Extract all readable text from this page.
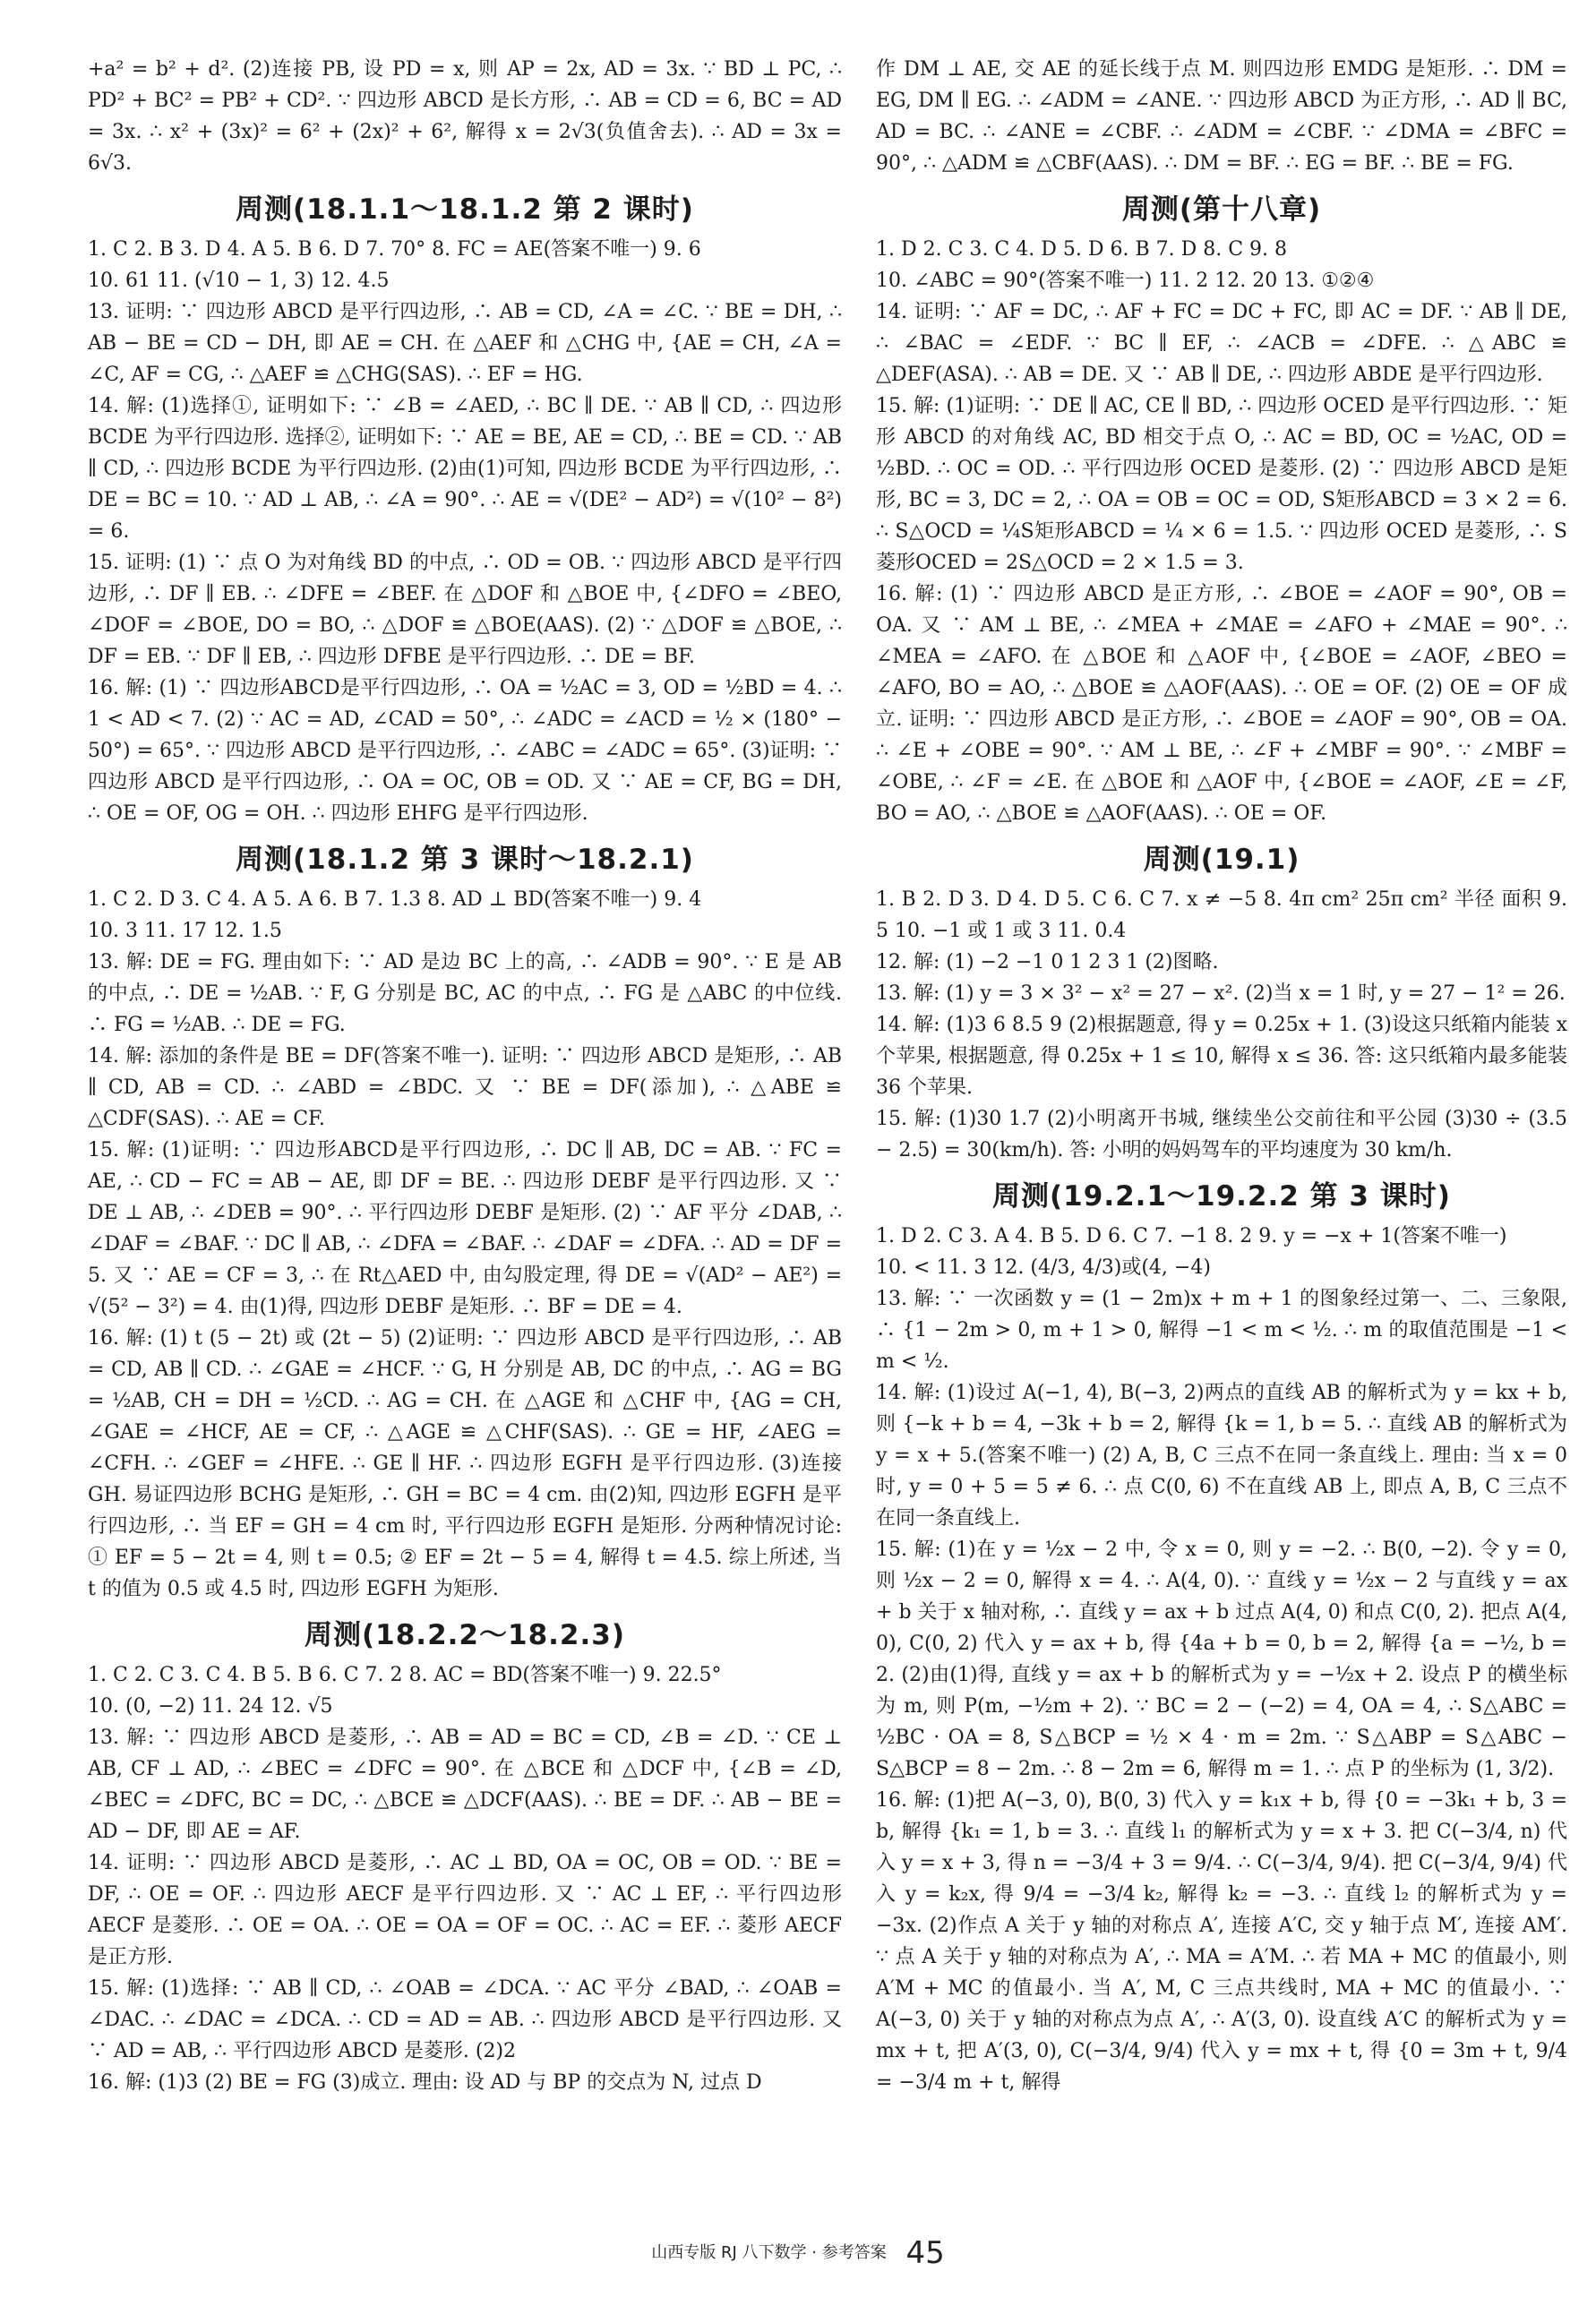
+a² = b² + d². (2)连接 PB, 设 PD = x, 则 AP = 2x, AD = 3x. ∵ BD ⊥ PC, ∴ PD² + BC² = PB² + CD². ∵ 四边形 ABCD 是长方形, ∴ AB = CD = 6, BC = AD = 3x. ∴ x² + (3x)² = 6² + (2x)² + 6², 解得 x = 2√3(负值舍去). ∴ AD = 3x = 6√3.
周测(18.1.1～18.1.2 第 2 课时)
1. C 2. B 3. D 4. A 5. B 6. D 7. 70° 8. FC = AE(答案不唯一) 9. 6
10. 61 11. (√10 − 1, 3) 12. 4.5
13. 证明: ∵ 四边形 ABCD 是平行四边形, ∴ AB = CD, ∠A = ∠C. ∵ BE = DH, ∴ AB − BE = CD − DH, 即 AE = CH. 在 △AEF 和 △CHG 中, {AE = CH, ∠A = ∠C, AF = CG, ∴ △AEF ≌ △CHG(SAS). ∴ EF = HG.
14. 解: (1)选择①, 证明如下: ∵ ∠B = ∠AED, ∴ BC ∥ DE. ∵ AB ∥ CD, ∴ 四边形 BCDE 为平行四边形. 选择②, 证明如下: ∵ AE = BE, AE = CD, ∴ BE = CD. ∵ AB ∥ CD, ∴ 四边形 BCDE 为平行四边形. (2)由(1)可知, 四边形 BCDE 为平行四边形, ∴ DE = BC = 10. ∵ AD ⊥ AB, ∴ ∠A = 90°. ∴ AE = √(DE² − AD²) = √(10² − 8²) = 6.
15. 证明: (1) ∵ 点 O 为对角线 BD 的中点, ∴ OD = OB. ∵ 四边形 ABCD 是平行四边形, ∴ DF ∥ EB. ∴ ∠DFE = ∠BEF. 在 △DOF 和 △BOE 中, {∠DFO = ∠BEO, ∠DOF = ∠BOE, DO = BO, ∴ △DOF ≌ △BOE(AAS). (2) ∵ △DOF ≌ △BOE, ∴ DF = EB. ∵ DF ∥ EB, ∴ 四边形 DFBE 是平行四边形. ∴ DE = BF.
16. 解: (1) ∵ 四边形ABCD是平行四边形, ∴ OA = ½AC = 3, OD = ½BD = 4. ∴ 1 < AD < 7. (2) ∵ AC = AD, ∠CAD = 50°, ∴ ∠ADC = ∠ACD = ½ × (180° − 50°) = 65°. ∵ 四边形 ABCD 是平行四边形, ∴ ∠ABC = ∠ADC = 65°. (3)证明: ∵ 四边形 ABCD 是平行四边形, ∴ OA = OC, OB = OD. 又 ∵ AE = CF, BG = DH, ∴ OE = OF, OG = OH. ∴ 四边形 EHFG 是平行四边形.
周测(18.1.2 第 3 课时～18.2.1)
1. C 2. D 3. C 4. A 5. A 6. B 7. 1.3 8. AD ⊥ BD(答案不唯一) 9. 4
10. 3 11. 17 12. 1.5
13. 解: DE = FG. 理由如下: ∵ AD 是边 BC 上的高, ∴ ∠ADB = 90°. ∵ E 是 AB 的中点, ∴ DE = ½AB. ∵ F, G 分别是 BC, AC 的中点, ∴ FG 是 △ABC 的中位线. ∴ FG = ½AB. ∴ DE = FG.
14. 解: 添加的条件是 BE = DF(答案不唯一). 证明: ∵ 四边形 ABCD 是矩形, ∴ AB ∥ CD, AB = CD. ∴ ∠ABD = ∠BDC. 又 ∵ BE = DF(添加), ∴ △ABE ≌ △CDF(SAS). ∴ AE = CF.
15. 解: (1)证明: ∵ 四边形ABCD是平行四边形, ∴ DC ∥ AB, DC = AB. ∵ FC = AE, ∴ CD − FC = AB − AE, 即 DF = BE. ∴ 四边形 DEBF 是平行四边形. 又 ∵ DE ⊥ AB, ∴ ∠DEB = 90°. ∴ 平行四边形 DEBF 是矩形. (2) ∵ AF 平分 ∠DAB, ∴ ∠DAF = ∠BAF. ∵ DC ∥ AB, ∴ ∠DFA = ∠BAF. ∴ ∠DAF = ∠DFA. ∴ AD = DF = 5. 又 ∵ AE = CF = 3, ∴ 在 Rt△AED 中, 由勾股定理, 得 DE = √(AD² − AE²) = √(5² − 3²) = 4. 由(1)得, 四边形 DEBF 是矩形. ∴ BF = DE = 4.
16. 解: (1) t (5 − 2t) 或 (2t − 5) (2)证明: ∵ 四边形 ABCD 是平行四边形, ∴ AB = CD, AB ∥ CD. ∴ ∠GAE = ∠HCF. ∵ G, H 分别是 AB, DC 的中点, ∴ AG = BG = ½AB, CH = DH = ½CD. ∴ AG = CH. 在 △AGE 和 △CHF 中, {AG = CH, ∠GAE = ∠HCF, AE = CF, ∴ △AGE ≌ △CHF(SAS). ∴ GE = HF, ∠AEG = ∠CFH. ∴ ∠GEF = ∠HFE. ∴ GE ∥ HF. ∴ 四边形 EGFH 是平行四边形. (3)连接 GH. 易证四边形 BCHG 是矩形, ∴ GH = BC = 4 cm. 由(2)知, 四边形 EGFH 是平行四边形, ∴ 当 EF = GH = 4 cm 时, 平行四边形 EGFH 是矩形. 分两种情况讨论: ① EF = 5 − 2t = 4, 则 t = 0.5; ② EF = 2t − 5 = 4, 解得 t = 4.5. 综上所述, 当 t 的值为 0.5 或 4.5 时, 四边形 EGFH 为矩形.
周测(18.2.2～18.2.3)
1. C 2. C 3. C 4. B 5. B 6. C 7. 2 8. AC = BD(答案不唯一) 9. 22.5°
10. (0, −2) 11. 24 12. √5
13. 解: ∵ 四边形 ABCD 是菱形, ∴ AB = AD = BC = CD, ∠B = ∠D. ∵ CE ⊥ AB, CF ⊥ AD, ∴ ∠BEC = ∠DFC = 90°. 在 △BCE 和 △DCF 中, {∠B = ∠D, ∠BEC = ∠DFC, BC = DC, ∴ △BCE ≌ △DCF(AAS). ∴ BE = DF. ∴ AB − BE = AD − DF, 即 AE = AF.
14. 证明: ∵ 四边形 ABCD 是菱形, ∴ AC ⊥ BD, OA = OC, OB = OD. ∵ BE = DF, ∴ OE = OF. ∴ 四边形 AECF 是平行四边形. 又 ∵ AC ⊥ EF, ∴ 平行四边形 AECF 是菱形. ∴ OE = OA. ∴ OE = OA = OF = OC. ∴ AC = EF. ∴ 菱形 AECF 是正方形.
15. 解: (1)选择: ∵ AB ∥ CD, ∴ ∠OAB = ∠DCA. ∵ AC 平分 ∠BAD, ∴ ∠OAB = ∠DAC. ∴ ∠DAC = ∠DCA. ∴ CD = AD = AB. ∴ 四边形 ABCD 是平行四边形. 又 ∵ AD = AB, ∴ 平行四边形 ABCD 是菱形. (2)2
16. 解: (1)3 (2) BE = FG (3)成立. 理由: 设 AD 与 BP 的交点为 N, 过点 D
作 DM ⊥ AE, 交 AE 的延长线于点 M. 则四边形 EMDG 是矩形. ∴ DM = EG, DM ∥ EG. ∴ ∠ADM = ∠ANE. ∵ 四边形 ABCD 为正方形, ∴ AD ∥ BC, AD = BC. ∴ ∠ANE = ∠CBF. ∴ ∠ADM = ∠CBF. ∵ ∠DMA = ∠BFC = 90°, ∴ △ADM ≌ △CBF(AAS). ∴ DM = BF. ∴ EG = BF. ∴ BE = FG.
周测(第十八章)
1. D 2. C 3. C 4. D 5. D 6. B 7. D 8. C 9. 8
10. ∠ABC = 90°(答案不唯一) 11. 2 12. 20 13. ①②④
14. 证明: ∵ AF = DC, ∴ AF + FC = DC + FC, 即 AC = DF. ∵ AB ∥ DE, ∴ ∠BAC = ∠EDF. ∵ BC ∥ EF, ∴ ∠ACB = ∠DFE. ∴ △ABC ≌ △DEF(ASA). ∴ AB = DE. 又 ∵ AB ∥ DE, ∴ 四边形 ABDE 是平行四边形.
15. 解: (1)证明: ∵ DE ∥ AC, CE ∥ BD, ∴ 四边形 OCED 是平行四边形. ∵ 矩形 ABCD 的对角线 AC, BD 相交于点 O, ∴ AC = BD, OC = ½AC, OD = ½BD. ∴ OC = OD. ∴ 平行四边形 OCED 是菱形. (2) ∵ 四边形 ABCD 是矩形, BC = 3, DC = 2, ∴ OA = OB = OC = OD, S矩形ABCD = 3 × 2 = 6. ∴ S△OCD = ¼S矩形ABCD = ¼ × 6 = 1.5. ∵ 四边形 OCED 是菱形, ∴ S菱形OCED = 2S△OCD = 2 × 1.5 = 3.
16. 解: (1) ∵ 四边形 ABCD 是正方形, ∴ ∠BOE = ∠AOF = 90°, OB = OA. 又 ∵ AM ⊥ BE, ∴ ∠MEA + ∠MAE = ∠AFO + ∠MAE = 90°. ∴ ∠MEA = ∠AFO. 在 △BOE 和 △AOF 中, {∠BOE = ∠AOF, ∠BEO = ∠AFO, BO = AO, ∴ △BOE ≌ △AOF(AAS). ∴ OE = OF. (2) OE = OF 成立. 证明: ∵ 四边形 ABCD 是正方形, ∴ ∠BOE = ∠AOF = 90°, OB = OA. ∴ ∠E + ∠OBE = 90°. ∵ AM ⊥ BE, ∴ ∠F + ∠MBF = 90°. ∵ ∠MBF = ∠OBE, ∴ ∠F = ∠E. 在 △BOE 和 △AOF 中, {∠BOE = ∠AOF, ∠E = ∠F, BO = AO, ∴ △BOE ≌ △AOF(AAS). ∴ OE = OF.
周测(19.1)
1. B 2. D 3. D 4. D 5. C 6. C 7. x ≠ −5 8. 4π cm² 25π cm² 半径 面积 9. 5 10. −1 或 1 或 3 11. 0.4
12. 解: (1) −2 −1 0 1 2 3 1 (2)图略.
13. 解: (1) y = 3 × 3² − x² = 27 − x². (2)当 x = 1 时, y = 27 − 1² = 26.
14. 解: (1)3 6 8.5 9 (2)根据题意, 得 y = 0.25x + 1. (3)设这只纸箱内能装 x 个苹果, 根据题意, 得 0.25x + 1 ≤ 10, 解得 x ≤ 36. 答: 这只纸箱内最多能装 36 个苹果.
15. 解: (1)30 1.7 (2)小明离开书城, 继续坐公交前往和平公园 (3)30 ÷ (3.5 − 2.5) = 30(km/h). 答: 小明的妈妈驾车的平均速度为 30 km/h.
周测(19.2.1～19.2.2 第 3 课时)
1. D 2. C 3. A 4. B 5. D 6. C 7. −1 8. 2 9. y = −x + 1(答案不唯一)
10. < 11. 3 12. (4/3, 4/3)或(4, −4)
13. 解: ∵ 一次函数 y = (1 − 2m)x + m + 1 的图象经过第一、二、三象限, ∴ {1 − 2m > 0, m + 1 > 0, 解得 −1 < m < ½. ∴ m 的取值范围是 −1 < m < ½.
14. 解: (1)设过 A(−1, 4), B(−3, 2)两点的直线 AB 的解析式为 y = kx + b, 则 {−k + b = 4, −3k + b = 2, 解得 {k = 1, b = 5. ∴ 直线 AB 的解析式为 y = x + 5.(答案不唯一) (2) A, B, C 三点不在同一条直线上. 理由: 当 x = 0 时, y = 0 + 5 = 5 ≠ 6. ∴ 点 C(0, 6) 不在直线 AB 上, 即点 A, B, C 三点不在同一条直线上.
15. 解: (1)在 y = ½x − 2 中, 令 x = 0, 则 y = −2. ∴ B(0, −2). 令 y = 0, 则 ½x − 2 = 0, 解得 x = 4. ∴ A(4, 0). ∵ 直线 y = ½x − 2 与直线 y = ax + b 关于 x 轴对称, ∴ 直线 y = ax + b 过点 A(4, 0) 和点 C(0, 2). 把点 A(4, 0), C(0, 2) 代入 y = ax + b, 得 {4a + b = 0, b = 2, 解得 {a = −½, b = 2. (2)由(1)得, 直线 y = ax + b 的解析式为 y = −½x + 2. 设点 P 的横坐标为 m, 则 P(m, −½m + 2). ∵ BC = 2 − (−2) = 4, OA = 4, ∴ S△ABC = ½BC · OA = 8, S△BCP = ½ × 4 · m = 2m. ∵ S△ABP = S△ABC − S△BCP = 8 − 2m. ∴ 8 − 2m = 6, 解得 m = 1. ∴ 点 P 的坐标为 (1, 3/2).
16. 解: (1)把 A(−3, 0), B(0, 3) 代入 y = k₁x + b, 得 {0 = −3k₁ + b, 3 = b, 解得 {k₁ = 1, b = 3. ∴ 直线 l₁ 的解析式为 y = x + 3. 把 C(−3/4, n) 代入 y = x + 3, 得 n = −3/4 + 3 = 9/4. ∴ C(−3/4, 9/4). 把 C(−3/4, 9/4) 代入 y = k₂x, 得 9/4 = −3/4 k₂, 解得 k₂ = −3. ∴ 直线 l₂ 的解析式为 y = −3x. (2)作点 A 关于 y 轴的对称点 A′, 连接 A′C, 交 y 轴于点 M′, 连接 AM′. ∵ 点 A 关于 y 轴的对称点为 A′, ∴ MA = A′M. ∴ 若 MA + MC 的值最小, 则 A′M + MC 的值最小. 当 A′, M, C 三点共线时, MA + MC 的值最小. ∵ A(−3, 0) 关于 y 轴的对称点为点 A′, ∴ A′(3, 0). 设直线 A′C 的解析式为 y = mx + t, 把 A′(3, 0), C(−3/4, 9/4) 代入 y = mx + t, 得 {0 = 3m + t, 9/4 = −3/4 m + t, 解得
山西专版 RJ 八下数学 · 参考答案 45
